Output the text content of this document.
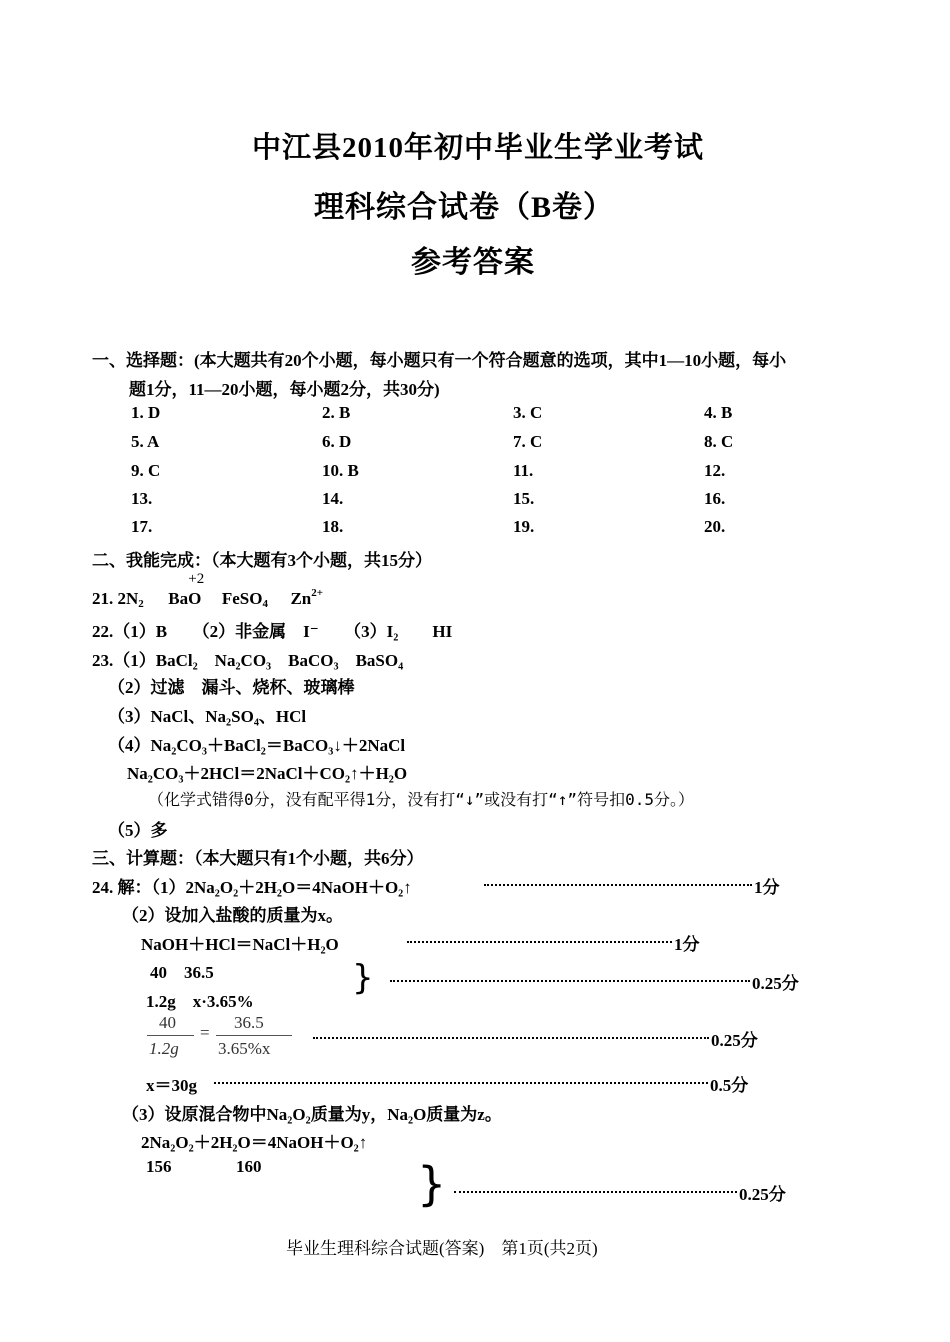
中江县2010年初中毕业生学业考试
理科综合试卷（B卷）
参考答案
一、选择题：(本大题共有20个小题，每小题只有一个符合题意的选项，其中1—10小题，每小
题1分，11—20小题，每小题2分，共30分)
1. D	2. B	3. C	4. B
5. A	6. D	7. C	8. C
9. C	10. B	11.	12.
13.	14.	15.	16.
17.	18.	19.	20.
二、我能完成：（本大题有3个小题，共15分）
21. $2N_2$
+2
BaO FeSO$_4$ $Zn^{2+}$
22.（1）B　　（2）非金属　I⁻　　（3）I₂　　HI
23.（1）BaCl₂　Na₂CO₃　BaCO₃　BaSO₄
（2）过滤　漏斗、烧杯、玻璃棒
（3）NaCl、Na₂SO₄、HCl
（4）Na₂CO₃＋BaCl₂＝BaCO₃↓＋2NaCl
Na₂CO₃＋2HCl＝2NaCl＋CO₂↑＋H₂O
（化学式错得0分，没有配平得1分，没有打“↓”或没有打“↑”符号扣0.5分。）
（5）多
三、计算题：（本大题只有1个小题，共6分）
24. 解：（1）2Na₂O₂＋2H₂O＝4NaOH＋O₂↑	1分
（2）设加入盐酸的质量为x。
NaOH＋HCl＝NaCl＋H₂O	1分
40　36.5
1.2g　x·3.65%
}	0.25分
40
1.2g
=
36.5
3.65%x	0.25分
x＝30g	0.5分
（3）设原混合物中Na₂O₂质量为y，Na₂O质量为z。
2Na₂O₂＋2H₂O＝4NaOH＋O₂↑
156	160	}	0.25分
毕业生理科综合试题(答案)　第1页(共2页)
